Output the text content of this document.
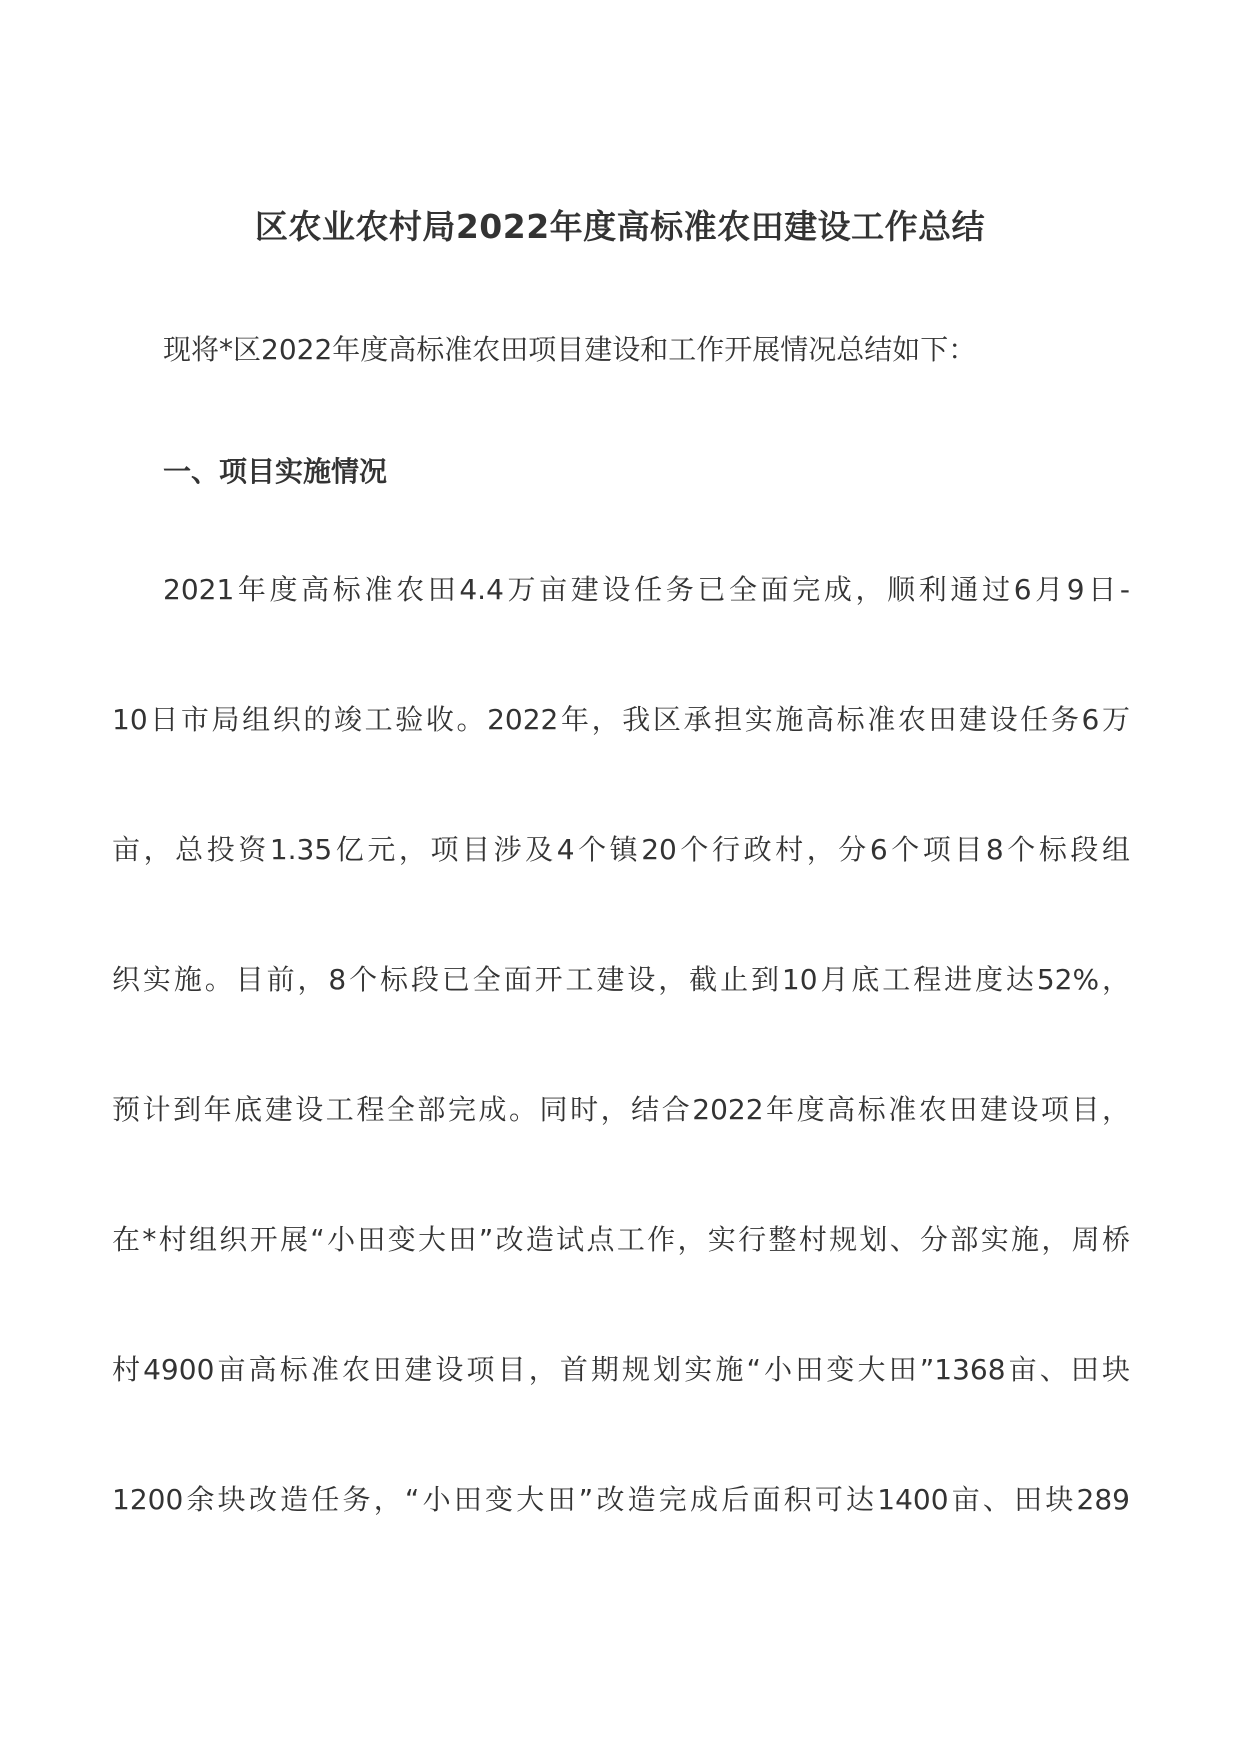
区农业农村局2022年度高标准农田建设工作总结

现将*区2022年度高标准农田项目建设和工作开展情况总结如下：

一、项目实施情况

2021年度高标准农田4.4万亩建设任务已全面完成，顺利通过6月9日-

10日市局组织的竣工验收。2022年，我区承担实施高标准农田建设任务6万

亩，总投资1.35亿元，项目涉及4个镇20个行政村，分6个项目8个标段组

织实施。目前，8个标段已全面开工建设，截止到10月底工程进度达52%，

预计到年底建设工程全部完成。同时，结合2022年度高标准农田建设项目，

在*村组织开展“小田变大田”改造试点工作，实行整村规划、分部实施，周桥

村4900亩高标准农田建设项目，首期规划实施“小田变大田”1368亩、田块

1200余块改造任务，“小田变大田”改造完成后面积可达1400亩、田块289
